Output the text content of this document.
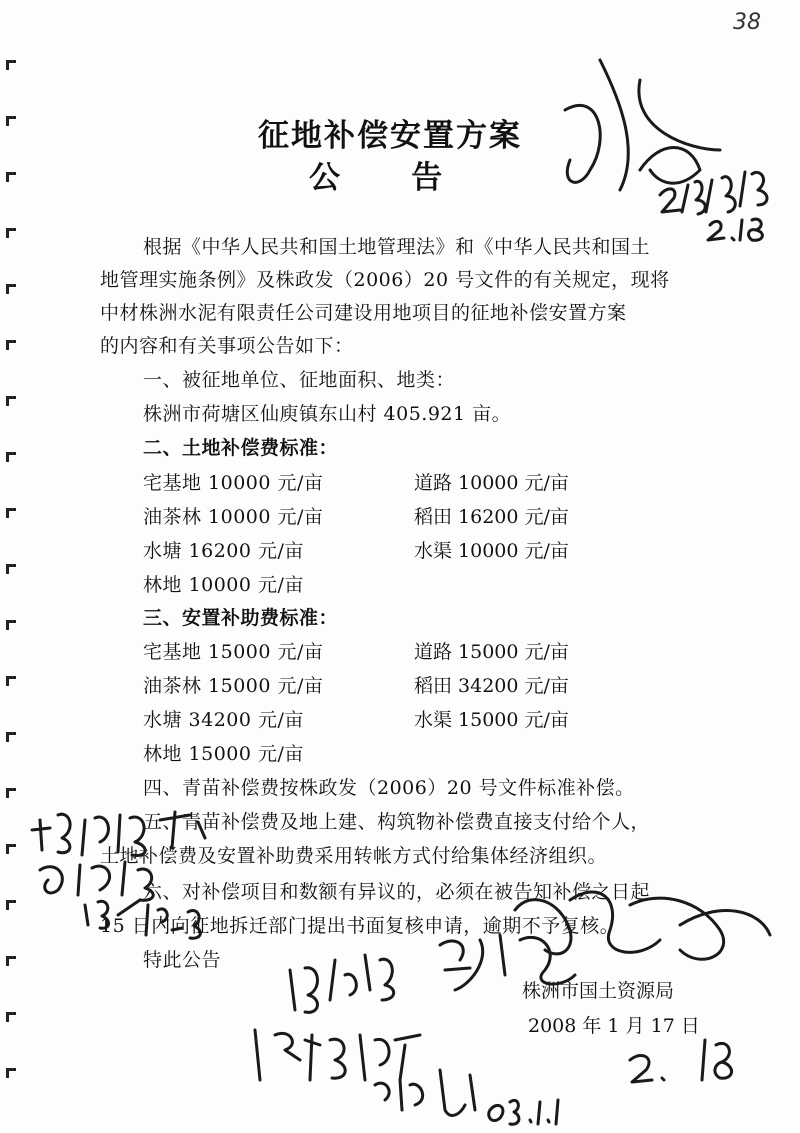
38
征地补偿安置方案
公告
根据《中华人民共和国土地管理法》和《中华人民共和国土
地管理实施条例》及株政发（2006）20 号文件的有关规定，现将
中材株洲水泥有限责任公司建设用地项目的征地补偿安置方案
的内容和有关事项公告如下：
一、被征地单位、征地面积、地类：
株洲市荷塘区仙庾镇东山村 405.921 亩。
二、土地补偿费标准：
宅基地 10000 元/亩	道路 10000 元/亩
油茶林 10000 元/亩	稻田 16200 元/亩
水塘 16200 元/亩	水渠 10000 元/亩
林地 10000 元/亩
三、安置补助费标准：
宅基地 15000 元/亩	道路 15000 元/亩
油茶林 15000 元/亩	稻田 34200 元/亩
水塘 34200 元/亩	水渠 15000 元/亩
林地 15000 元/亩
四、青苗补偿费按株政发（2006）20 号文件标准补偿。
五、青苗补偿费及地上建、构筑物补偿费直接支付给个人，
土地补偿费及安置补助费采用转帐方式付给集体经济组织。
六、对补偿项目和数额有异议的，必须在被告知补偿之日起
15 日内向征地拆迁部门提出书面复核申请，逾期不予复核。
特此公告
株洲市国土资源局
2008 年 1 月 17 日
